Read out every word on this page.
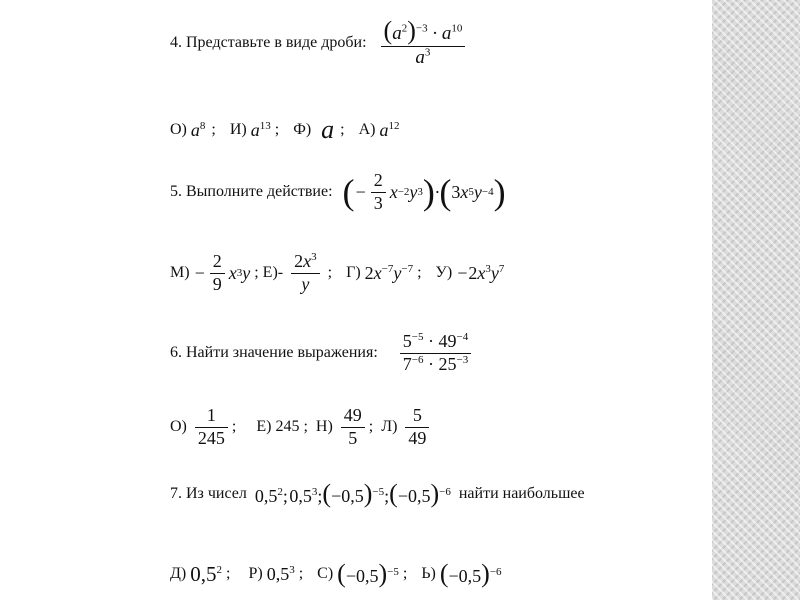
4. Представьте в виде дроби: $\frac{(a^2)^{-3} \cdot a^{10}}{a^3}$
О) $a^8$ ; И) $a^{13}$ ; Ф) a ; А) $a^{12}$
5. Выполните действие: ( − $\frac{2}{3}$ x −2 y 3 ) · ( 3 x 5 y −4 )
$М) - \frac{2}{9}$ x 3 y ; $Е)- \frac{2x^3}{y}$ ; Г) $2x^{-7}y^{-7}$ ; $У) -2x^3y^7$
6. Найти значение выражения: $\frac{5^{-5} \cdot 49^{-4}}{7^{-6} \cdot 25^{-3}}$
$О) \frac{1}{245}$ ; Е) 245 ; $Н) \frac{49}{5}$ ; $Л) \frac{5}{49}$
7. Из чисел $0,5^2$; $0,5^3;(-0,5)^{-5};(-0,5)^{-6}$ найти наибольшее
Д) $0,5^2$ ; Р) $0,5^3$ ; С) $(-0,5)^{-5}$ ; Ь) $(-0,5)^{-6}$
